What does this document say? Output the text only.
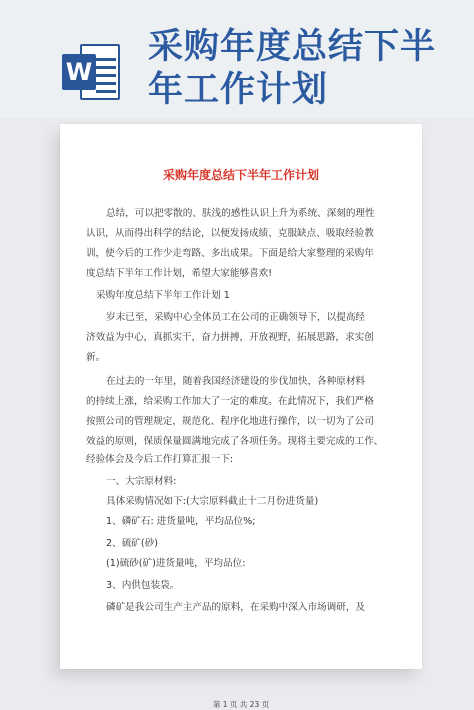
W
采购年度总结下半
年工作计划
采购年度总结下半年工作计划
总结，可以把零散的、肤浅的感性认识上升为系统、深刻的理性
认识，从而得出科学的结论，以便发扬成绩、克服缺点、吸取经验教
训，使今后的工作少走弯路、多出成果。下面是给大家整理的采购年
度总结下半年工作计划，希望大家能够喜欢!
采购年度总结下半年工作计划 1
岁末已至，采购中心全体员工在公司的正确领导下，以提高经
济效益为中心，真抓实干，奋力拼搏，开放视野，拓展思路，求实创
新。
在过去的一年里，随着我国经济建设的步伐加快，各种原材料
的持续上涨，给采购工作加大了一定的难度。在此情况下，我们严格
按照公司的管理规定，规范化、程序化地进行操作，以一切为了公司
效益的原则，保质保量圆满地完成了各项任务。现将主要完成的工作、
经验体会及今后工作打算汇报一下:
一、大宗原材料:
具体采购情况如下:(大宗原料截止十二月份进货量)
1、磷矿石: 进货量吨，平均品位%;
2、硫矿(砂)
(1)硫砂(矿)进货量吨，平均品位:
3、内供包装袋。
磷矿是我公司生产主产品的原料，在采购中深入市场调研，及
第 1 页 共 23 页
